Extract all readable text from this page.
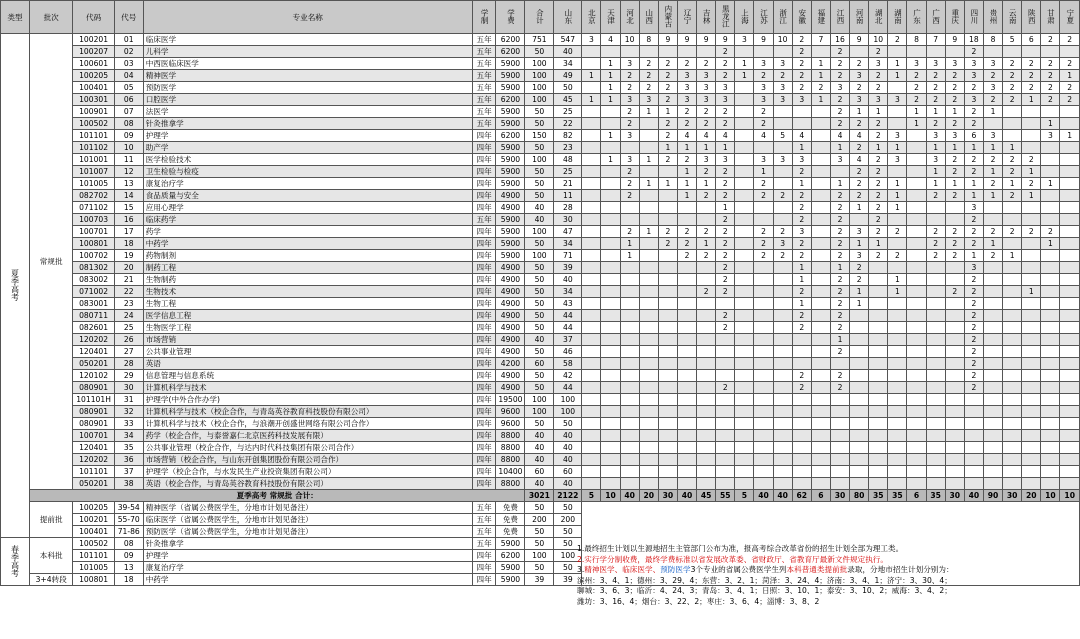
类型	批次	代码	代号	专业名称	学制	学费	合计	山东	北京	天津	河北	山西	内蒙古	辽宁	吉林	黑龙江	上海	江苏	浙江	安徽	福建	江西	河南	湖北	湖南	广东	广西	重庆	四川	贵州	云南	陕西	甘肃	宁夏
夏季高考	常规批	100201	01	临床医学	五年	6200	751	547	3	4	10	8	9	9	9	9	3	9	10	2	7	16	9	10	2	8	7	9	18	8	5	6	2	2
		100207	02	儿科学	五年	6200	50	40								2				2		2		2					2					
		100601	03	中西医临床医学	五年	5900	100	34		1	3	2	2	2	2	2	1	3	3	2	1	2	2	3	1	3	3	3	3	3	2	2	2	2
		100205	04	精神医学	五年	5900	100	49	1	1	2	2	2	3	3	2	1	2	2	2	1	2	3	2	1	2	2	2	3	2	2	2	2	1
		100401	05	预防医学	五年	5900	100	50		1	2	2	2	3	3	3		3	3	2	2	3	2	2		2	2	2	2	3	2	2	2	2
		100301	06	口腔医学	五年	6200	100	45	1	1	3	3	2	3	3	3		3	3	3	1	2	3	3	3	2	2	2	3	2	2	1	2	2
		100901	07	法医学	五年	5900	50	25			2	1	1	2	2	2		2				2	1	1		1	1	1	2	1				
		100502	08	针灸推拿学	五年	5900	50	22			2		2	2	2	2		2				2	2	2		1	2	2	2				1	
		101101	09	护理学	四年	6200	150	82		1	3		2	4	4	4		4	5	4		4	4	2	3		3	3	6	3			3	1
		101102	10	助产学	四年	5900	50	23					1	1	1	1				1		1	2	1	1		1	1	1	1	1			
		101001	11	医学检验技术	四年	5900	100	48		1	3	1	2	2	3	3		3	3	3		3	4	2	3		3	2	2	2	2	2		
		101007	12	卫生检验与检疫	四年	5900	50	25			2			1	2	2		1		2			2	2			1	2	2	1	2	1		
		101005	13	康复治疗学	四年	5900	50	21			2	1	1	1	1	2		2		1		1	2	2	1		1	1	1	2	1	2	1	
		082702	14	食品质量与安全	四年	4900	50	11			2			1	2	2		2	2	2		2	2	2	1		2	2	1	1	2	1		
		071102	15	应用心理学	四年	4900	40	28								1				2		2	1	2	1				3					
		100703	16	临床药学	五年	5900	40	30								2				2		2		2					2					
		100701	17	药学	四年	5900	100	47			2	1	2	2	2	2		2	2	3		2	3	2	2		2	2	2	2	2	2	2	
		100801	18	中药学	四年	5900	50	34			1		2	2	1	2		2	3	2		2	1	1			2	2	2	1			1	
		100702	19	药物制剂	四年	5900	100	71			1			2	2	2		2	2	2		2	3	2	2		2	2	1	2	1			
		081302	20	制药工程	四年	4900	50	39								2				1		1	2						3					
		083002	21	生物制药	四年	4900	50	40								2				1		2	2		1				2					
		071002	22	生物技术	四年	4900	50	34							2	2				2		2	1		1			2	2			1		
		083001	23	生物工程	四年	4900	50	43												1		2	1						2					
		080711	24	医学信息工程	四年	4900	50	44								2				2		2							2					
		082601	25	生物医学工程	四年	4900	50	44								2				2		2							2					
		120202	26	市场营销	四年	4900	40	37														1							2					
		120401	27	公共事业管理	四年	4900	50	46														2							2					
		050201	28	英语	四年	4200	60	58																					2					
		120102	29	信息管理与信息系统	四年	4900	50	42												2		2							2					
		080901	30	计算机科学与技术	四年	4900	50	44								2				2		2							2					
		101101H	31	护理学(中外合作办学)	四年	19500	100	100																										
		080901	32	计算机科学与技术（校企合作，与青岛英谷教育科技股份有限公司）	四年	9600	100	100																										
		080901	33	计算机科学与技术（校企合作，与浪潮开创盛世网络有限公司合作）	四年	9600	50	50																										
		100701	34	药学（校企合作，与泰誉嘉仁北京医药科技发展有限）	四年	8800	40	40																										
		120401	35	公共事业管理（校企合作，与达内时代科技集团有限公司合作）	四年	8800	40	40																										
		120202	36	市场营销（校企合作，与山东开创集团股份有限公司合作）	四年	8800	40	40																										
		101101	37	护理学（校企合作，与水发民生产业投资集团有限公司）	四年	10400	60	60																										
		050201	38	英语（校企合作，与青岛英谷教育科技股份有限公司）	四年	8800	40	40																										
	夏季高考 常规批 合计：						3021	2122	5	10	40	20	30	40	45	55	5	40	40	62	6	30	80	35	35	6	35	30	40	90	30	20	10	10
	提前批	100205	39-54	精神医学（省属公费医学生，分地市计划见备注）	五年	免费	50	50																										
		100201	55-70	临床医学（省属公费医学生，分地市计划见备注）	五年	免费	200	200																										
		100401	71-86	预防医学（省属公费医学生，分地市计划见备注）	五年	免费	50	50																										
春季高考	本科批	100502	08	针灸推拿学	五年	5900	50	50																										
		101101	09	护理学	四年	6200	100	100																										
		101005	13	康复治疗学	四年	5900	50	50																										
	3+4转段	100801	18	中药学	四年	5900	39	39																										
1.最终招生计划以生源地招生主管部门公布为准，报高考综合改革省份的招生计划全部为理工类。
2.实行学分制收费，最终学费标准以省发展改革委、省财政厅、省教育厅最新文件规定执行。
3.精神医学、临床医学、预防医学3个专业的省属公费医学生列本科普通类提前批录取，分地市招生计划分别为：
滨州：3、4、1；德州：3、29、4；东营：3、2、1；菏泽：3、24、4；济南：3、4、1；济宁：3、30、4；
聊城：3、6、3；临沂：4、24、3；青岛：3、4、1；日照：3、10、1；泰安：3、10、2；威海：3、4、2；
潍坊：3、16、4；烟台：3、22、2；枣庄：3、6、4；淄博：3、8、2
